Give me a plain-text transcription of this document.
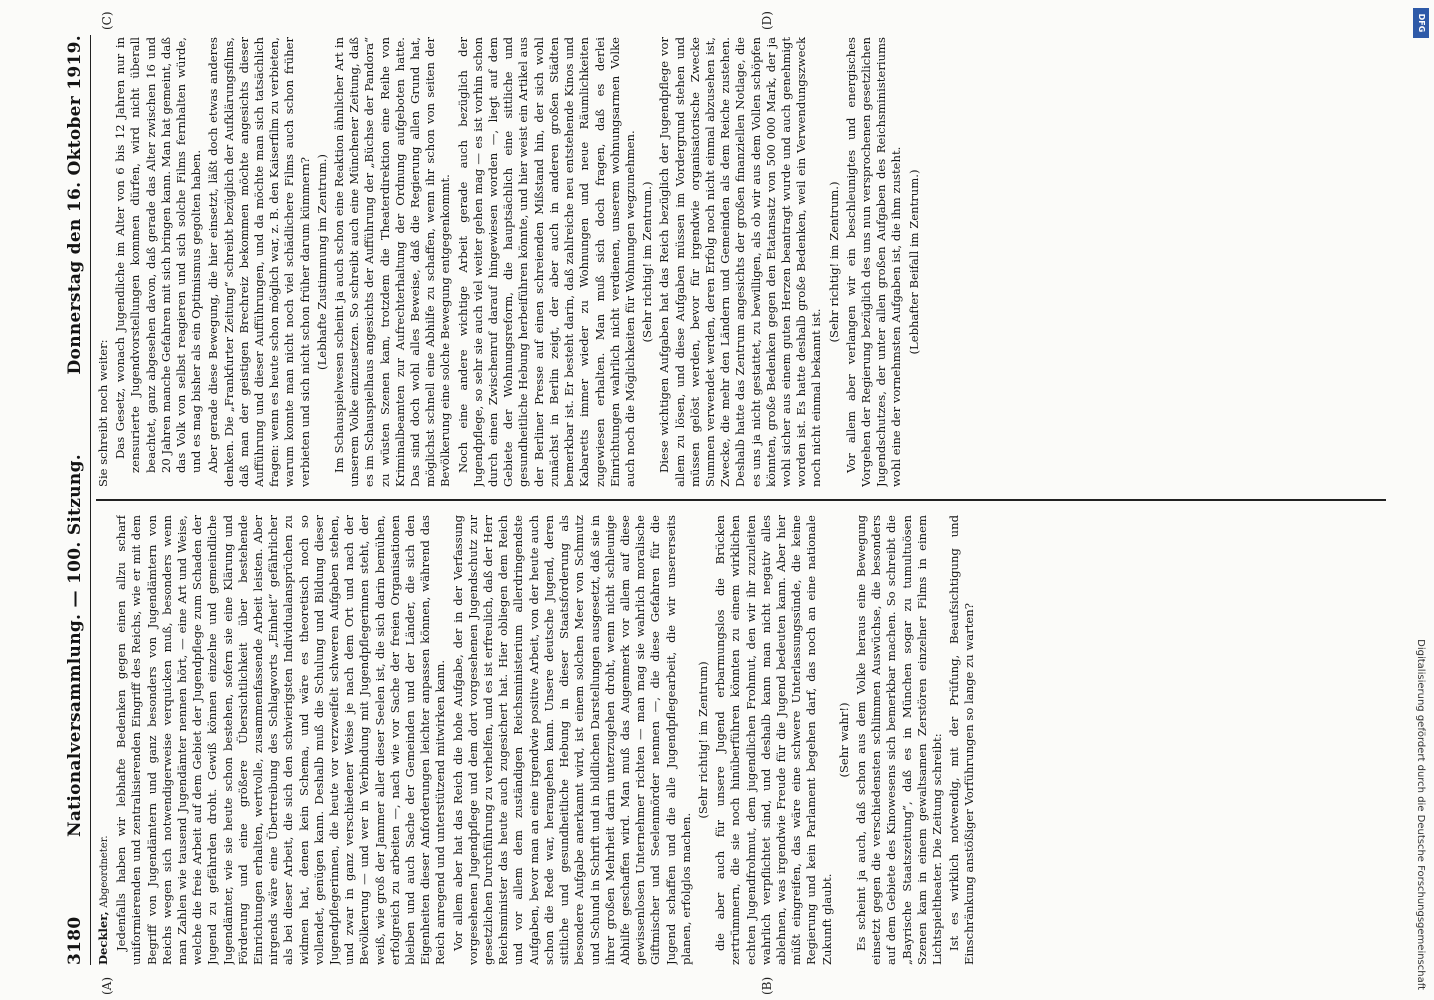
3180
Nationalversammlung. — 100. Sitzung.
Donnerstag den 16. Oktober 1919.

Deckler, Abgeordneter. Jedenfalls haben wir lebhafte Bedenken gegen einen allzu scharf uniformierenden und zentralisierenden Eingriff des Reichs, wie er mit dem Begriff von Jugendämtern und ganz besonders von Jugendämtern von Reichs wegen sich notwendigerweise verquicken muß, besonders wenn man Zahlen wie tausend Jugendämter nennen hört, — eine Art und Weise, welche die freie Arbeit auf dem Gebiet der Jugendpflege zum Schaden der Jugend zu gefährden droht. Gewiß können einzelne und gemeindliche Jugendämter, wie sie heute schon bestehen, sofern sie eine Klärung und Förderung und eine größere Übersichtlichkeit über bestehende Einrichtungen erhalten, wertvolle, zusammenfassende Arbeit leisten. Aber nirgends wäre eine Übertreibung des Schlagworts „Einheit“ gefährlicher als bei dieser Arbeit, die sich den schwierigsten Individualansprüchen zu widmen hat, denen kein Schema, und wäre es theoretisch noch so vollendet, genügen kann. Deshalb muß die Schulung und Bildung dieser Jugendpflegerinnen, die heute vor verzweifelt schweren Aufgaben stehen, und zwar in ganz verschiedener Weise je nach dem Ort und nach der Bevölkerung — und wer in Verbindung mit Jugendpflegerinnen steht, der weiß, wie groß der Jammer aller dieser Seelen ist, die sich darin bemühen, erfolgreich zu arbeiten —, nach wie vor Sache der freien Organisationen bleiben und auch Sache der Gemeinden und der Länder, die sich den Eigenheiten dieser Anforderungen leichter anpassen können, während das Reich anregend und unterstützend mitwirken kann. Vor allem aber hat das Reich die hohe Aufgabe, der in der Verfassung vorgesehenen Jugendpflege und dem dort vorgesehenen Jugendschutz zur gesetzlichen Durchführung zu verhelfen, und es ist erfreulich, daß der Herr Reichsminister das heute auch zugesichert hat. Hier obliegen dem Reich und vor allem dem zuständigen Reichsministerium allerdringendste Aufgaben, bevor man an eine irgendwie positive Arbeit, von der heute auch schon die Rede war, herangehen kann. Unsere deutsche Jugend, deren sittliche und gesundheitliche Hebung in dieser Staatsforderung als besondere Aufgabe anerkannt wird, ist einem solchen Meer von Schmutz und Schund in Schrift und in bildlichen Darstellungen ausgesetzt, daß sie in ihrer großen Mehrheit darin unterzugehen droht, wenn nicht schleunige Abhilfe geschaffen wird. Man muß das Augenmerk vor allem auf diese gewissenlosen Unternehmer richten — man mag sie wahrlich moralische Giftmischer und Seelenmörder nennen —, die diese Gefahren für die Jugend schaffen und die alle Jugendpflegearbeit, die wir unsererseits planen, erfolglos machen.

(Sehr richtig! im Zentrum) die aber auch für unsere Jugend erbarmungslos die Brücken zertrümmern, die sie noch hinüberführen könnten zu einem wirklichen echten Jugendfrohmut, dem jugendlichen Frohmut, den wir ihr zuzuleiten wahrlich verpflichtet sind, und deshalb kann man nicht negativ alles ablehnen, was irgendwie Freude für die Jugend bedeuten kann. Aber hier müßt eingreifen, das wäre eine schwere Unterlassungssünde, die keine Regierung und kein Parlament begehen darf, das noch an eine nationale Zukunft glaubt.

(Sehr wahr!) Es scheint ja auch, daß schon aus dem Volke heraus eine Bewegung einsetzt gegen die verschiedensten schlimmen Auswüchse, die besonders auf dem Gebiete des Kinowesens sich bemerkbar machen. So schreibt die „Bayrische Staatszeitung“, daß es in München sogar zu tumultuösen Szenen kam in einem gewaltsamen Zerstören einzelner Films in einem Lichtspieltheater. Die Zeitung schreibt: Ist es wirklich notwendig, mit der Prüfung, Beaufsichtigung und Einschränkung anstößiger Vorführungen so lange zu warten?

Sie schreibt noch weiter: Das Gesetz, wonach Jugendliche im Alter von 6 bis 12 Jahren nur in zensurierte Jugendvorstellungen kommen dürfen, wird nicht überall beachtet, ganz abgesehen davon, daß gerade das Alter zwischen 16 und 20 Jahren manche Gefahren mit sich bringen kann. Man hat gemeint, daß das Volk von selbst reagieren und sich solche Films fernhalten würde, und es mag bisher als ein Optimismus gegolten haben. Aber gerade diese Bewegung, die hier einsetzt, läßt doch etwas anderes denken. Die „Frankfurter Zeitung“ schreibt bezüglich der Aufklärungsfilms, daß man der geistigen Brechreiz bekommen möchte angesichts dieser Aufführung und dieser Aufführungen, und da möchte man sich tatsächlich fragen: wenn es heute schon möglich war, z. B. den Kaiserfilm zu verbieten, warum konnte man nicht noch viel schädlichere Films auch schon früher verbieten und sich nicht schon früher darum kümmern? (Lebhafte Zustimmung im Zentrum.) Im Schauspielwesen scheint ja auch schon eine Reaktion ähnlicher Art in unserem Volke einzusetzen. So schreibt auch eine Münchener Zeitung, daß es im Schauspielhaus angesichts der Aufführung der „Büchse der Pandora“ zu wüsten Szenen kam, trotzdem die Theaterdirektion eine Reihe von Kriminalbeamten zur Aufrechterhaltung der Ordnung aufgeboten hatte. Das sind doch wohl alles Beweise, daß die Regierung allen Grund hat, möglichst schnell eine Abhilfe zu schaffen, wenn ihr schon von seiten der Bevölkerung eine solche Bewegung entgegenkommt. Noch eine andere wichtige Arbeit gerade auch bezüglich der Jugendpflege, so sehr sie auch viel weiter gehen mag — es ist vorhin schon durch einen Zwischenruf darauf hingewiesen worden —, liegt auf dem Gebiete der Wohnungsreform, die hauptsächlich eine sittliche und gesundheitliche Hebung herbeiführen könnte, und hier weist ein Artikel aus der Berliner Presse auf einen schreienden Mißstand hin, der sich wohl zunächst in Berlin zeigt, der aber auch in anderen großen Städten bemerkbar ist. Er besteht darin, daß zahlreiche neu entstehende Kinos und Kabaretts immer wieder zu Wohnungen und neue Räumlichkeiten zugewiesen erhalten. Man muß sich doch fragen, daß es derlei Einrichtungen wahrlich nicht verdienen, unserem wohnungsarmen Volke auch noch die Möglichkeiten für Wohnungen wegzunehmen. (Sehr richtig! im Zentrum.) Diese wichtigen Aufgaben hat das Reich bezüglich der Jugendpflege vor allem zu lösen, und diese Aufgaben müssen im Vordergrund stehen und müssen gelöst werden, bevor für irgendwie organisatorische Zwecke Summen verwendet werden, deren Erfolg noch nicht einmal abzusehen ist, Zwecke, die mehr den Ländern und Gemeinden als dem Reiche zustehen. Deshalb hatte das Zentrum angesichts der großen finanziellen Notlage, die es uns ja nicht gestattet, zu bewilligen, als ob wir aus dem Vollen schöpfen könnten, große Bedenken gegen den Etatansatz von 500 000 Mark, der ja wohl sicher aus einem guten Herzen beantragt wurde und auch genehmigt worden ist. Es hatte deshalb große Bedenken, weil ein Verwendungszweck noch nicht einmal bekannt ist.

(Sehr richtig! im Zentrum.) Vor allem aber verlangen wir ein beschleunigtes und energisches Vorgehen der Regierung bezüglich des uns nun versprochenen gesetzlichen Jugendschutzes, der unter allen großen Aufgaben des Reichsministeriums wohl eine der vornehmsten Aufgaben ist, die ihm zusteht. (Lebhafter Beifall im Zentrum.)

(A)	(B)
(C)	(D)	DFG
Digitalisierung gefördert durch die Deutsche Forschungsgemeinschaft
